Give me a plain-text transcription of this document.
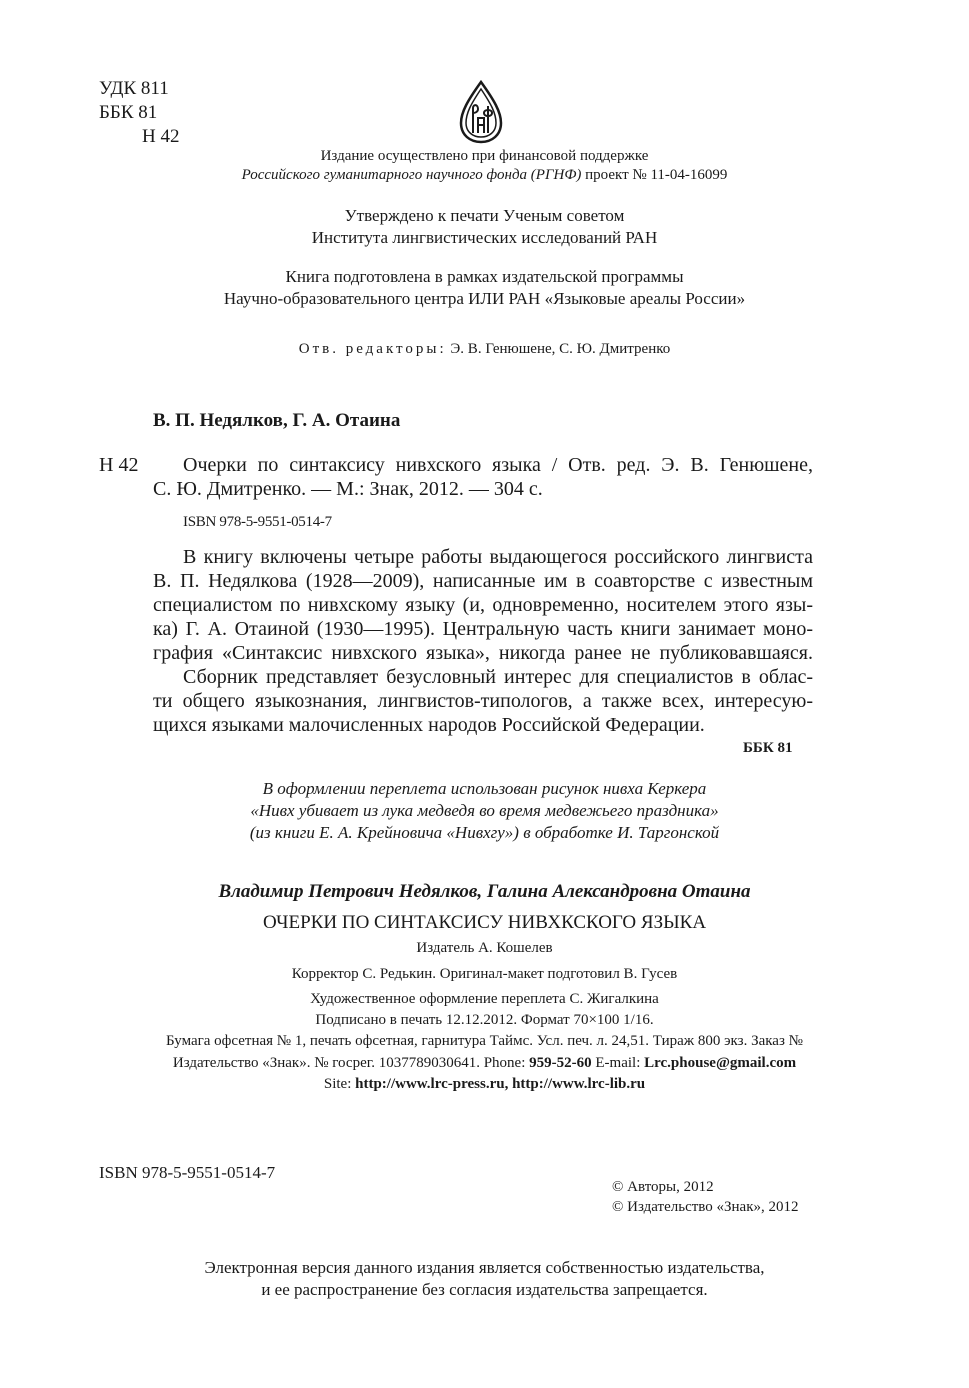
УДК 811
ББК 81
Н 42
Издание осуществлено при финансовой поддержке
Российского гуманитарного научного фонда (РГНФ) проект № 11-04-16099
Утверждено к печати Ученым советом
Института лингвистических исследований РАН
Книга подготовлена в рамках издательской программы
Научно-образовательного центра ИЛИ РАН «Языковые ареалы России»
Отв. редакторы: Э. В. Генюшене, С. Ю. Дмитренко
В. П. Недялков, Г. А. Отаина
Н 42 Очерки по синтаксису нивхского языка / Отв. ред. Э. В. Генюшене,
С. Ю. Дмитренко. — М.: Знак, 2012. — 304 с.
ISBN 978-5-9551-0514-7
В книгу включены четыре работы выдающегося российского лингвиста
В. П. Недялкова (1928—2009), написанные им в соавторстве с известным
специалистом по нивхскому языку (и, одновременно, носителем этого язы-
ка) Г. А. Отаиной (1930—1995). Центральную часть книги занимает моно-
графия «Синтаксис нивхского языка», никогда ранее не публиковавшаяся.
Сборник представляет безусловный интерес для специалистов в облас-
ти общего языкознания, лингвистов-типологов, а также всех, интересую-
щихся языками малочисленных народов Российской Федерации.
ББК 81
В оформлении переплета использован рисунок нивха Керкера
«Нивх убивает из лука медведя во время медвежьего праздника»
(из книги Е. А. Крейновича «Нивхгу») в обработке И. Таргонской
Владимир Петрович Недялков, Галина Александровна Отаина
ОЧЕРКИ ПО СИНТАКСИСУ НИВХКСКОГО ЯЗЫКА
Издатель А. Кошелев
Корректор С. Редькин. Оригинал-макет подготовил В. Гусев
Художественное оформление переплета С. Жигалкина
Подписано в печать 12.12.2012. Формат 70×100 1/16.
Бумага офсетная № 1, печать офсетная, гарнитура Таймс. Усл. печ. л. 24,51. Тираж 800 экз. Заказ №
Издательство «Знак». № госрег. 1037789030641. Phone: 959-52-60 E-mail: Lrc.phouse@gmail.com
Site: http://www.lrc-press.ru, http://www.lrc-lib.ru
ISBN 978-5-9551-0514-7
© Авторы, 2012
© Издательство «Знак», 2012
Электронная версия данного издания является собственностью издательства,
и ее распространение без согласия издательства запрещается.
